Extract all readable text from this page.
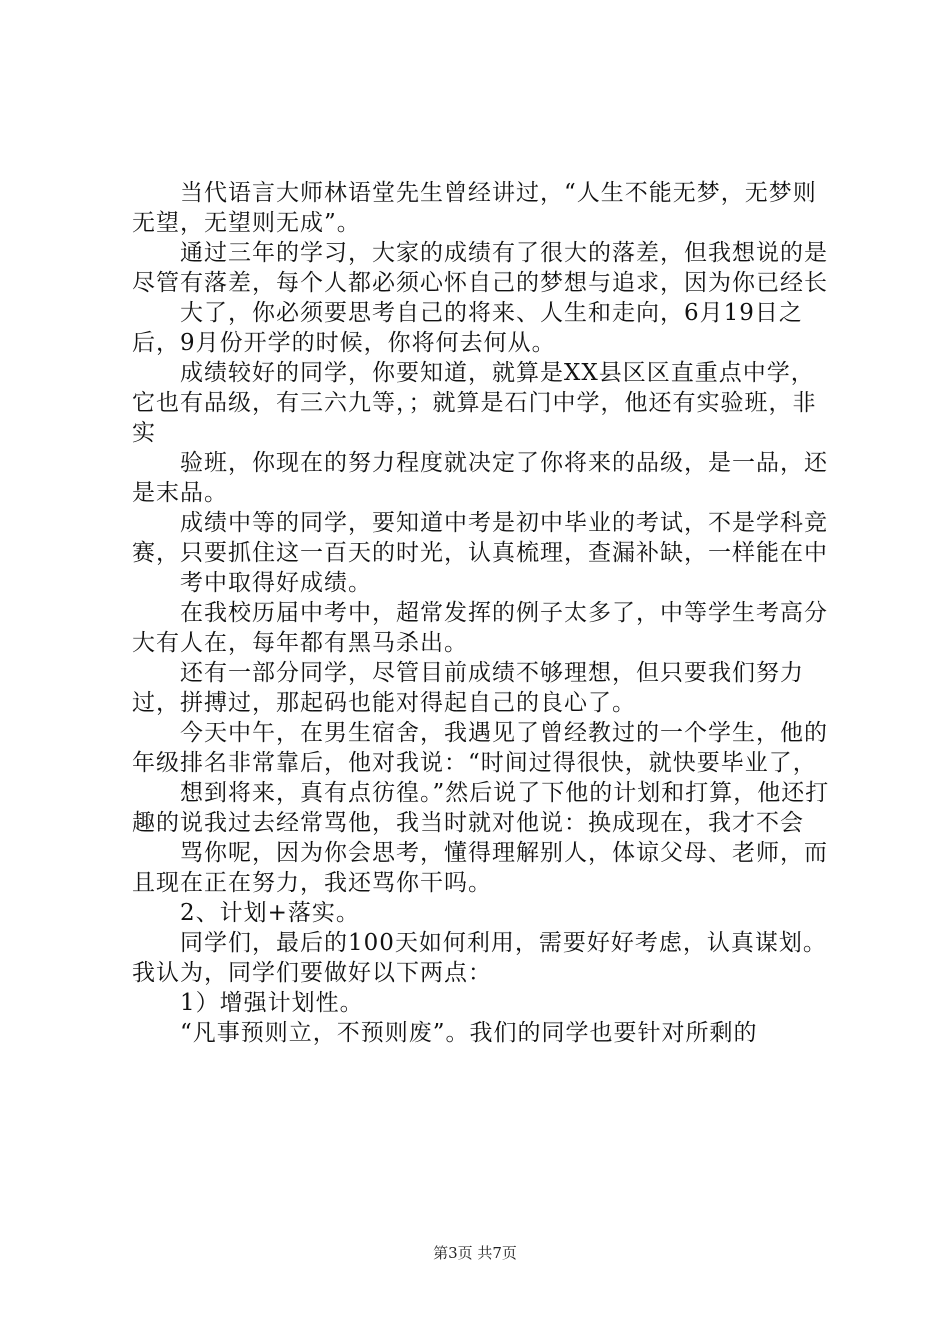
当代语言大师林语堂先生曾经讲过，“人生不能无梦，无梦则无望，无望则无成”。

通过三年的学习，大家的成绩有了很大的落差，但我想说的是尽管有落差，每个人都必须心怀自己的梦想与追求，因为你已经长

大了，你必须要思考自己的将来、人生和走向，6月19日之后，9月份开学的时候，你将何去何从。

成绩较好的同学，你要知道，就算是XX县区区直重点中学，它也有品级，有三六九等，；就算是石门中学，他还有实验班，非实

验班，你现在的努力程度就决定了你将来的品级，是一品，还是末品。

成绩中等的同学，要知道中考是初中毕业的考试，不是学科竞赛，只要抓住这一百天的时光，认真梳理，查漏补缺，一样能在中

考中取得好成绩。

在我校历届中考中，超常发挥的例子太多了，中等学生考高分大有人在，每年都有黑马杀出。

还有一部分同学，尽管目前成绩不够理想，但只要我们努力过，拼搏过，那起码也能对得起自己的良心了。

今天中午，在男生宿舍，我遇见了曾经教过的一个学生，他的年级排名非常靠后，他对我说：“时间过得很快，就快要毕业了，

想到将来，真有点彷徨。”然后说了下他的计划和打算，他还打趣的说我过去经常骂他，我当时就对他说：换成现在，我才不会

骂你呢，因为你会思考，懂得理解别人，体谅父母、老师，而且现在正在努力，我还骂你干吗。

2、计划+落实。

同学们，最后的100天如何利用，需要好好考虑，认真谋划。我认为，同学们要做好以下两点：

1）增强计划性。

“凡事预则立，不预则废”。我们的同学也要针对所剩的

第3页 共7页
